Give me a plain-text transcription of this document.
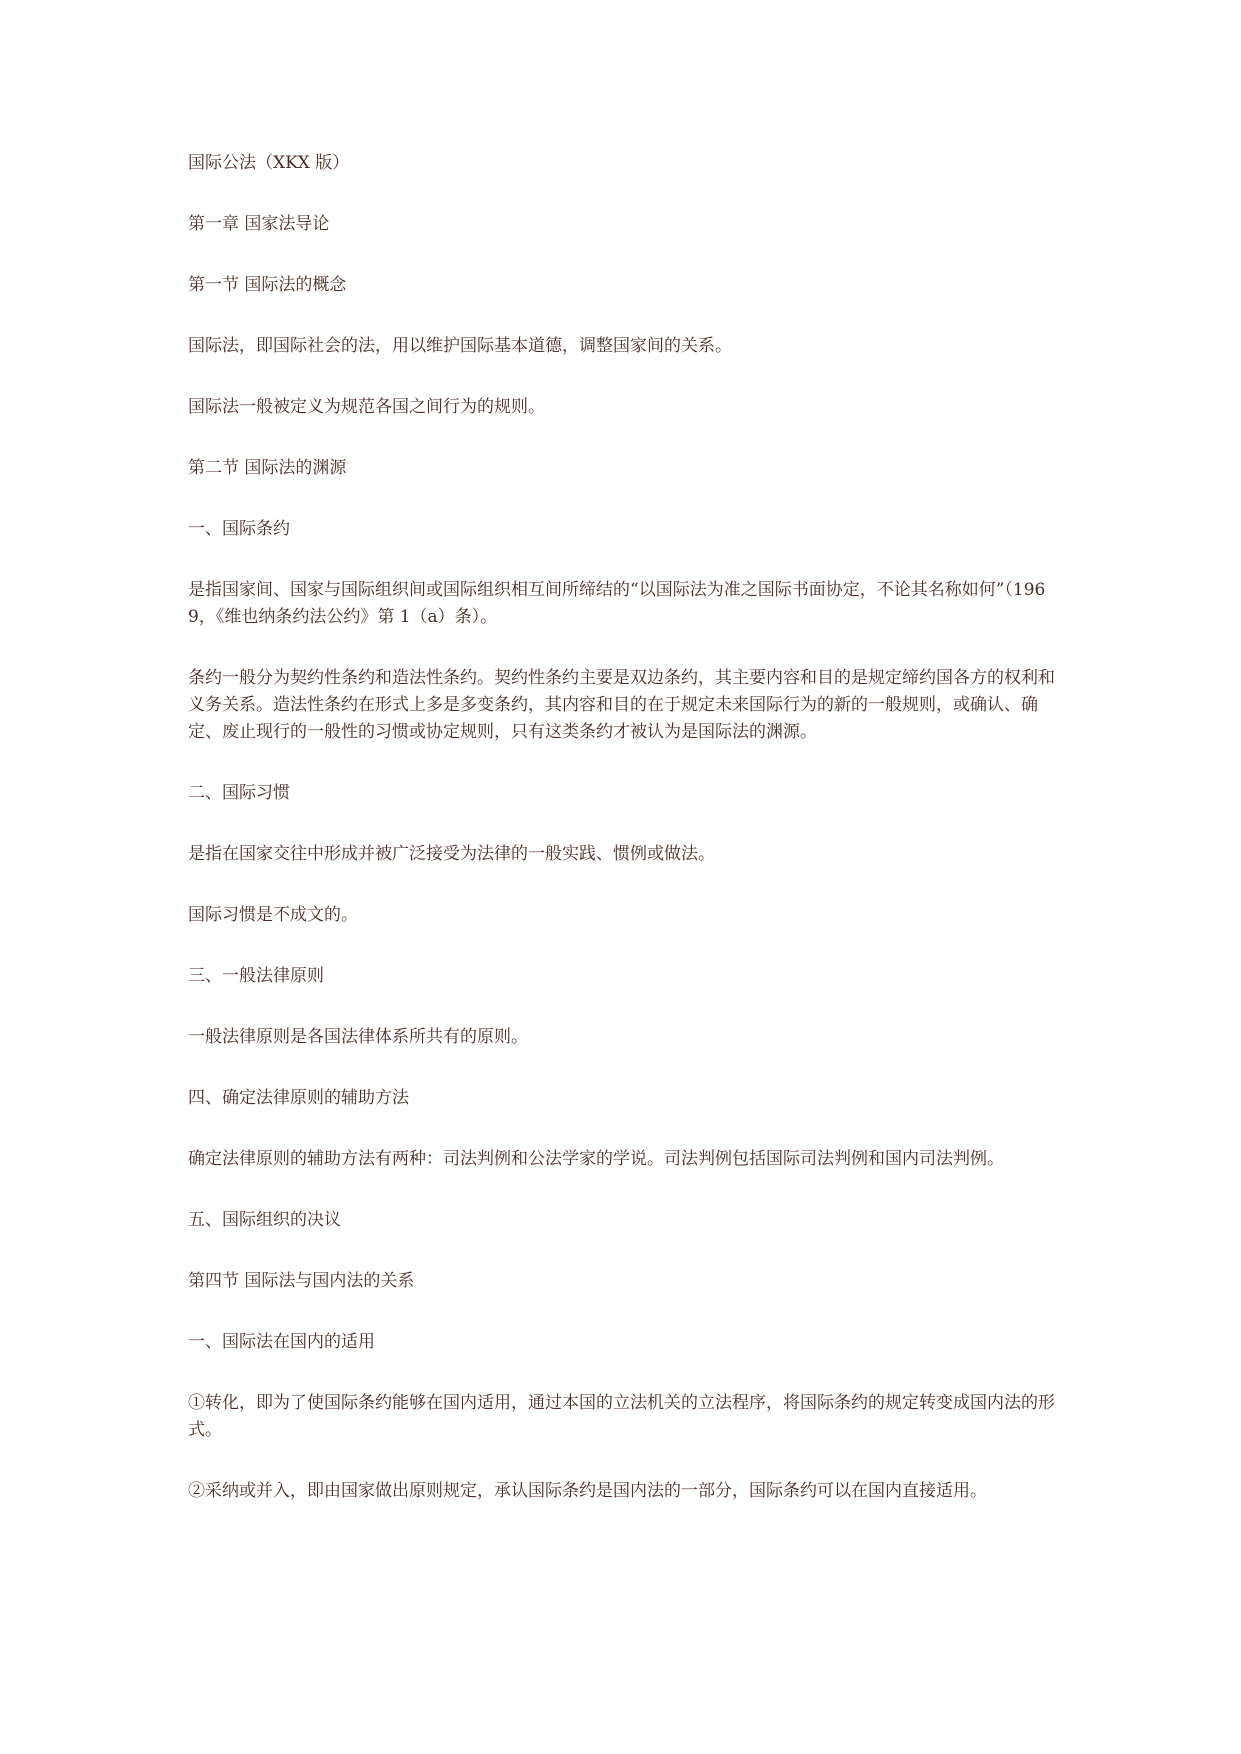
国际公法（XKX 版）

第一章 国家法导论

第一节 国际法的概念

国际法，即国际社会的法，用以维护国际基本道德，调整国家间的关系。

国际法一般被定义为规范各国之间行为的规则。

第二节 国际法的渊源

一、国际条约

是指国家间、国家与国际组织间或国际组织相互间所缔结的“以国际法为准之国际书面协定，不论其名称如何”（1969，《维也纳条约法公约》第 1（a）条）。

条约一般分为契约性条约和造法性条约。契约性条约主要是双边条约，其主要内容和目的是规定缔约国各方的权利和义务关系。造法性条约在形式上多是多变条约，其内容和目的在于规定未来国际行为的新的一般规则，或确认、确定、废止现行的一般性的习惯或协定规则，只有这类条约才被认为是国际法的渊源。

二、国际习惯

是指在国家交往中形成并被广泛接受为法律的一般实践、惯例或做法。

国际习惯是不成文的。

三、一般法律原则

一般法律原则是各国法律体系所共有的原则。

四、确定法律原则的辅助方法

确定法律原则的辅助方法有两种：司法判例和公法学家的学说。司法判例包括国际司法判例和国内司法判例。

五、国际组织的决议

第四节 国际法与国内法的关系

一、国际法在国内的适用

①转化，即为了使国际条约能够在国内适用，通过本国的立法机关的立法程序，将国际条约的规定转变成国内法的形式。

②采纳或并入，即由国家做出原则规定，承认国际条约是国内法的一部分，国际条约可以在国内直接适用。
